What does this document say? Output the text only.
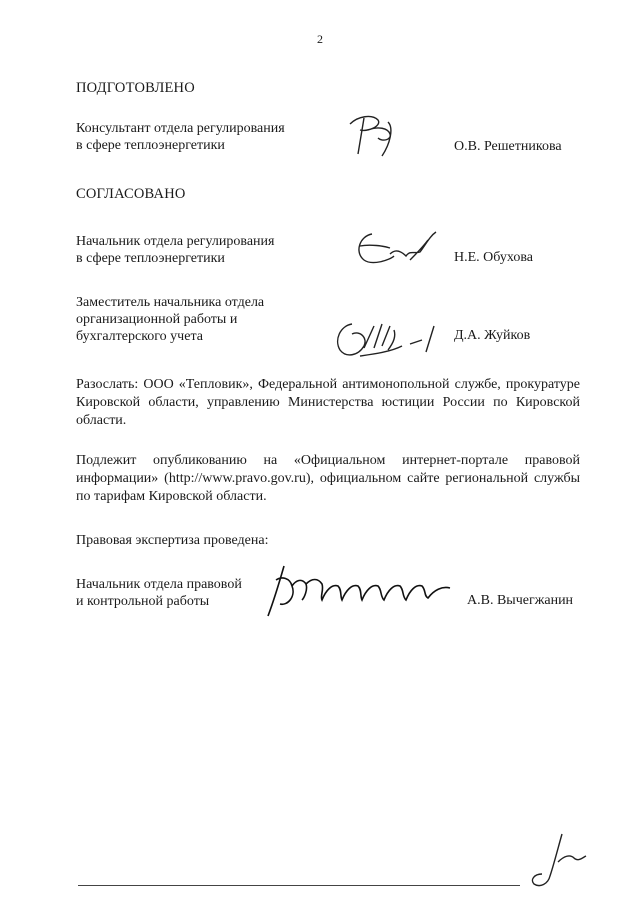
2
ПОДГОТОВЛЕНО
Консультант отдела регулирования
в сфере теплоэнергетики	О.В. Решетникова
СОГЛАСОВАНО
Начальник отдела регулирования
в сфере теплоэнергетики	Н.Е. Обухова
Заместитель начальника отдела
организационной работы и
бухгалтерского учета	Д.А. Жуйков
Разослать: ООО «Тепловик», Федеральной антимонопольной службе, прокуратуре Кировской области, управлению Министерства юстиции России по Кировской области.
Подлежит опубликованию на «Официальном интернет-портале правовой информации» (http://www.pravo.gov.ru), официальном сайте региональной службы по тарифам Кировской области.
Правовая экспертиза проведена:
Начальник отдела правовой
и контрольной работы	А.В. Вычегжанин
